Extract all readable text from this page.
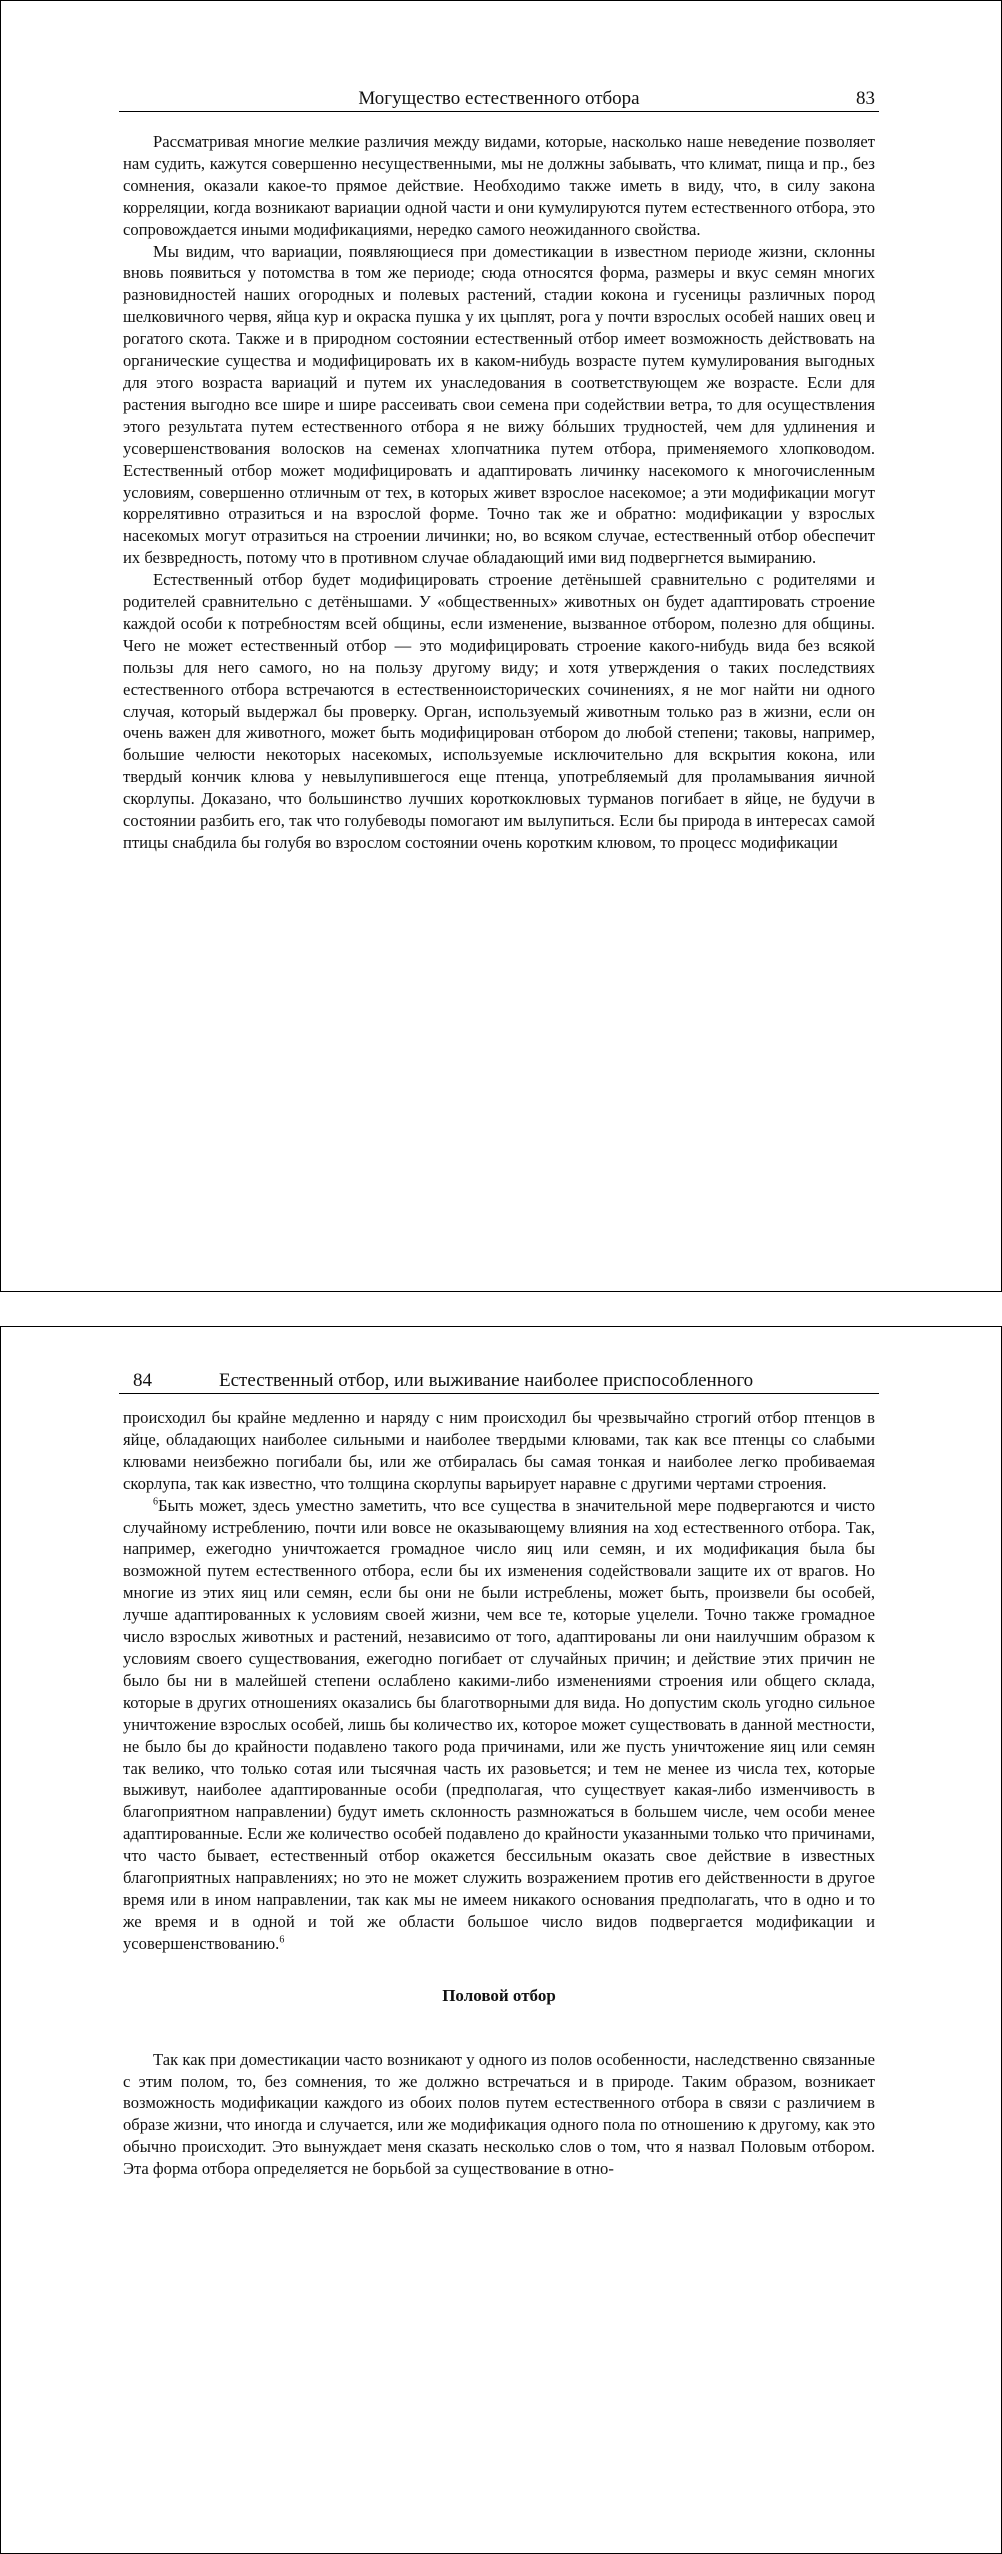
Могущество естественного отбора	83

Рассматривая многие мелкие различия между видами, которые, насколько наше неведение позволяет нам судить, кажутся совершенно несущественными, мы не должны забывать, что климат, пища и пр., без сомнения, оказали какое-то прямое действие. Необходимо также иметь в виду, что, в силу закона корреляции, когда возникают вариации одной части и они кумулируются путем естественного отбора, это сопровождается иными модификациями, нередко самого неожиданного свойства.

Мы видим, что вариации, появляющиеся при доместикации в известном периоде жизни, склонны вновь появиться у потомства в том же периоде; сюда относятся форма, размеры и вкус семян многих разновидностей наших огородных и полевых растений, стадии кокона и гусеницы различных пород шелковичного червя, яйца кур и окраска пушка у их цыплят, рога у почти взрослых особей наших овец и рогатого скота. Также и в природном состоянии естественный отбор имеет возможность действовать на органические существа и модифицировать их в каком-нибудь возрасте путем кумулирования выгодных для этого возраста вариаций и путем их унаследования в соответствующем же возрасте. Если для растения выгодно все шире и шире рассеивать свои семена при содействии ветра, то для осуществления этого результата путем естественного отбора я не вижу бóльших трудностей, чем для удлинения и усовершенствования волосков на семенах хлопчатника путем отбора, применяемого хлопководом. Естественный отбор может модифицировать и адаптировать личинку насекомого к многочисленным условиям, совершенно отличным от тех, в которых живет взрослое насекомое; а эти модификации могут коррелятивно отразиться и на взрослой форме. Точно так же и обратно: модификации у взрослых насекомых могут отразиться на строении личинки; но, во всяком случае, естественный отбор обеспечит их безвредность, потому что в противном случае обладающий ими вид подвергнется вымиранию.

Естественный отбор будет модифицировать строение детёнышей сравнительно с родителями и родителей сравнительно с детёнышами. У «общественных» животных он будет адаптировать строение каждой особи к потребностям всей общины, если изменение, вызванное отбором, полезно для общины. Чего не может естественный отбор — это модифицировать строение какого-нибудь вида без всякой пользы для него самого, но на пользу другому виду; и хотя утверждения о таких последствиях естественного отбора встречаются в естественноисторических сочинениях, я не мог найти ни одного случая, который выдержал бы проверку. Орган, используемый животным только раз в жизни, если он очень важен для животного, может быть модифицирован отбором до любой степени; таковы, например, большие челюсти некоторых насекомых, используемые исключительно для вскрытия кокона, или твердый кончик клюва у невылупившегося еще птенца, употребляемый для проламывания яичной скорлупы. Доказано, что большинство лучших короткоклювых турманов погибает в яйце, не будучи в состоянии разбить его, так что голубеводы помогают им вылупиться. Если бы природа в интересах самой птицы снабдила бы голубя во взрослом состоянии очень коротким клювом, то процесс модификации

84	Естественный отбор, или выживание наиболее приспособленного

происходил бы крайне медленно и наряду с ним происходил бы чрезвычайно строгий отбор птенцов в яйце, обладающих наиболее сильными и наиболее твердыми клювами, так как все птенцы со слабыми клювами неизбежно погибали бы, или же отбиралась бы самая тонкая и наиболее легко пробиваемая скорлупа, так как известно, что толщина скорлупы варьирует наравне с другими чертами строения.

$^6$Быть может, здесь уместно заметить, что все существа в значительной мере подвергаются и чисто случайному истреблению, почти или вовсе не оказывающему влияния на ход естественного отбора. Так, например, ежегодно уничтожается громадное число яиц или семян, и их модификация была бы возможной путем естественного отбора, если бы их изменения содействовали защите их от врагов. Но многие из этих яиц или семян, если бы они не были истреблены, может быть, произвели бы особей, лучше адаптированных к условиям своей жизни, чем все те, которые уцелели. Точно также громадное число взрослых животных и растений, независимо от того, адаптированы ли они наилучшим образом к условиям своего существования, ежегодно погибает от случайных причин; и действие этих причин не было бы ни в малейшей степени ослаблено какими-либо изменениями строения или общего склада, которые в других отношениях оказались бы благотворными для вида. Но допустим сколь угодно сильное уничтожение взрослых особей, лишь бы количество их, которое может существовать в данной местности, не было бы до крайности подавлено такого рода причинами, или же пусть уничтожение яиц или семян так велико, что только сотая или тысячная часть их разовьется; и тем не менее из числа тех, которые выживут, наиболее адаптированные особи (предполагая, что существует какая-либо изменчивость в благоприятном направлении) будут иметь склонность размножаться в большем числе, чем особи менее адаптированные. Если же количество особей подавлено до крайности указанными только что причинами, что часто бывает, естественный отбор окажется бессильным оказать свое действие в известных благоприятных направлениях; но это не может служить возражением против его действенности в другое время или в ином направлении, так как мы не имеем никакого основания предполагать, что в одно и то же время и в одной и той же области большое число видов подвергается модификации и усовершенствованию.$^6$

Половой отбор

Так как при доместикации часто возникают у одного из полов особенности, наследственно связанные с этим полом, то, без сомнения, то же должно встречаться и в природе. Таким образом, возникает возможность модификации каждого из обоих полов путем естественного отбора в связи с различием в образе жизни, что иногда и случается, или же модификация одного пола по отношению к другому, как это обычно происходит. Это вынуждает меня сказать несколько слов о том, что я назвал Половым отбором. Эта форма отбора определяется не борьбой за существование в отно-
